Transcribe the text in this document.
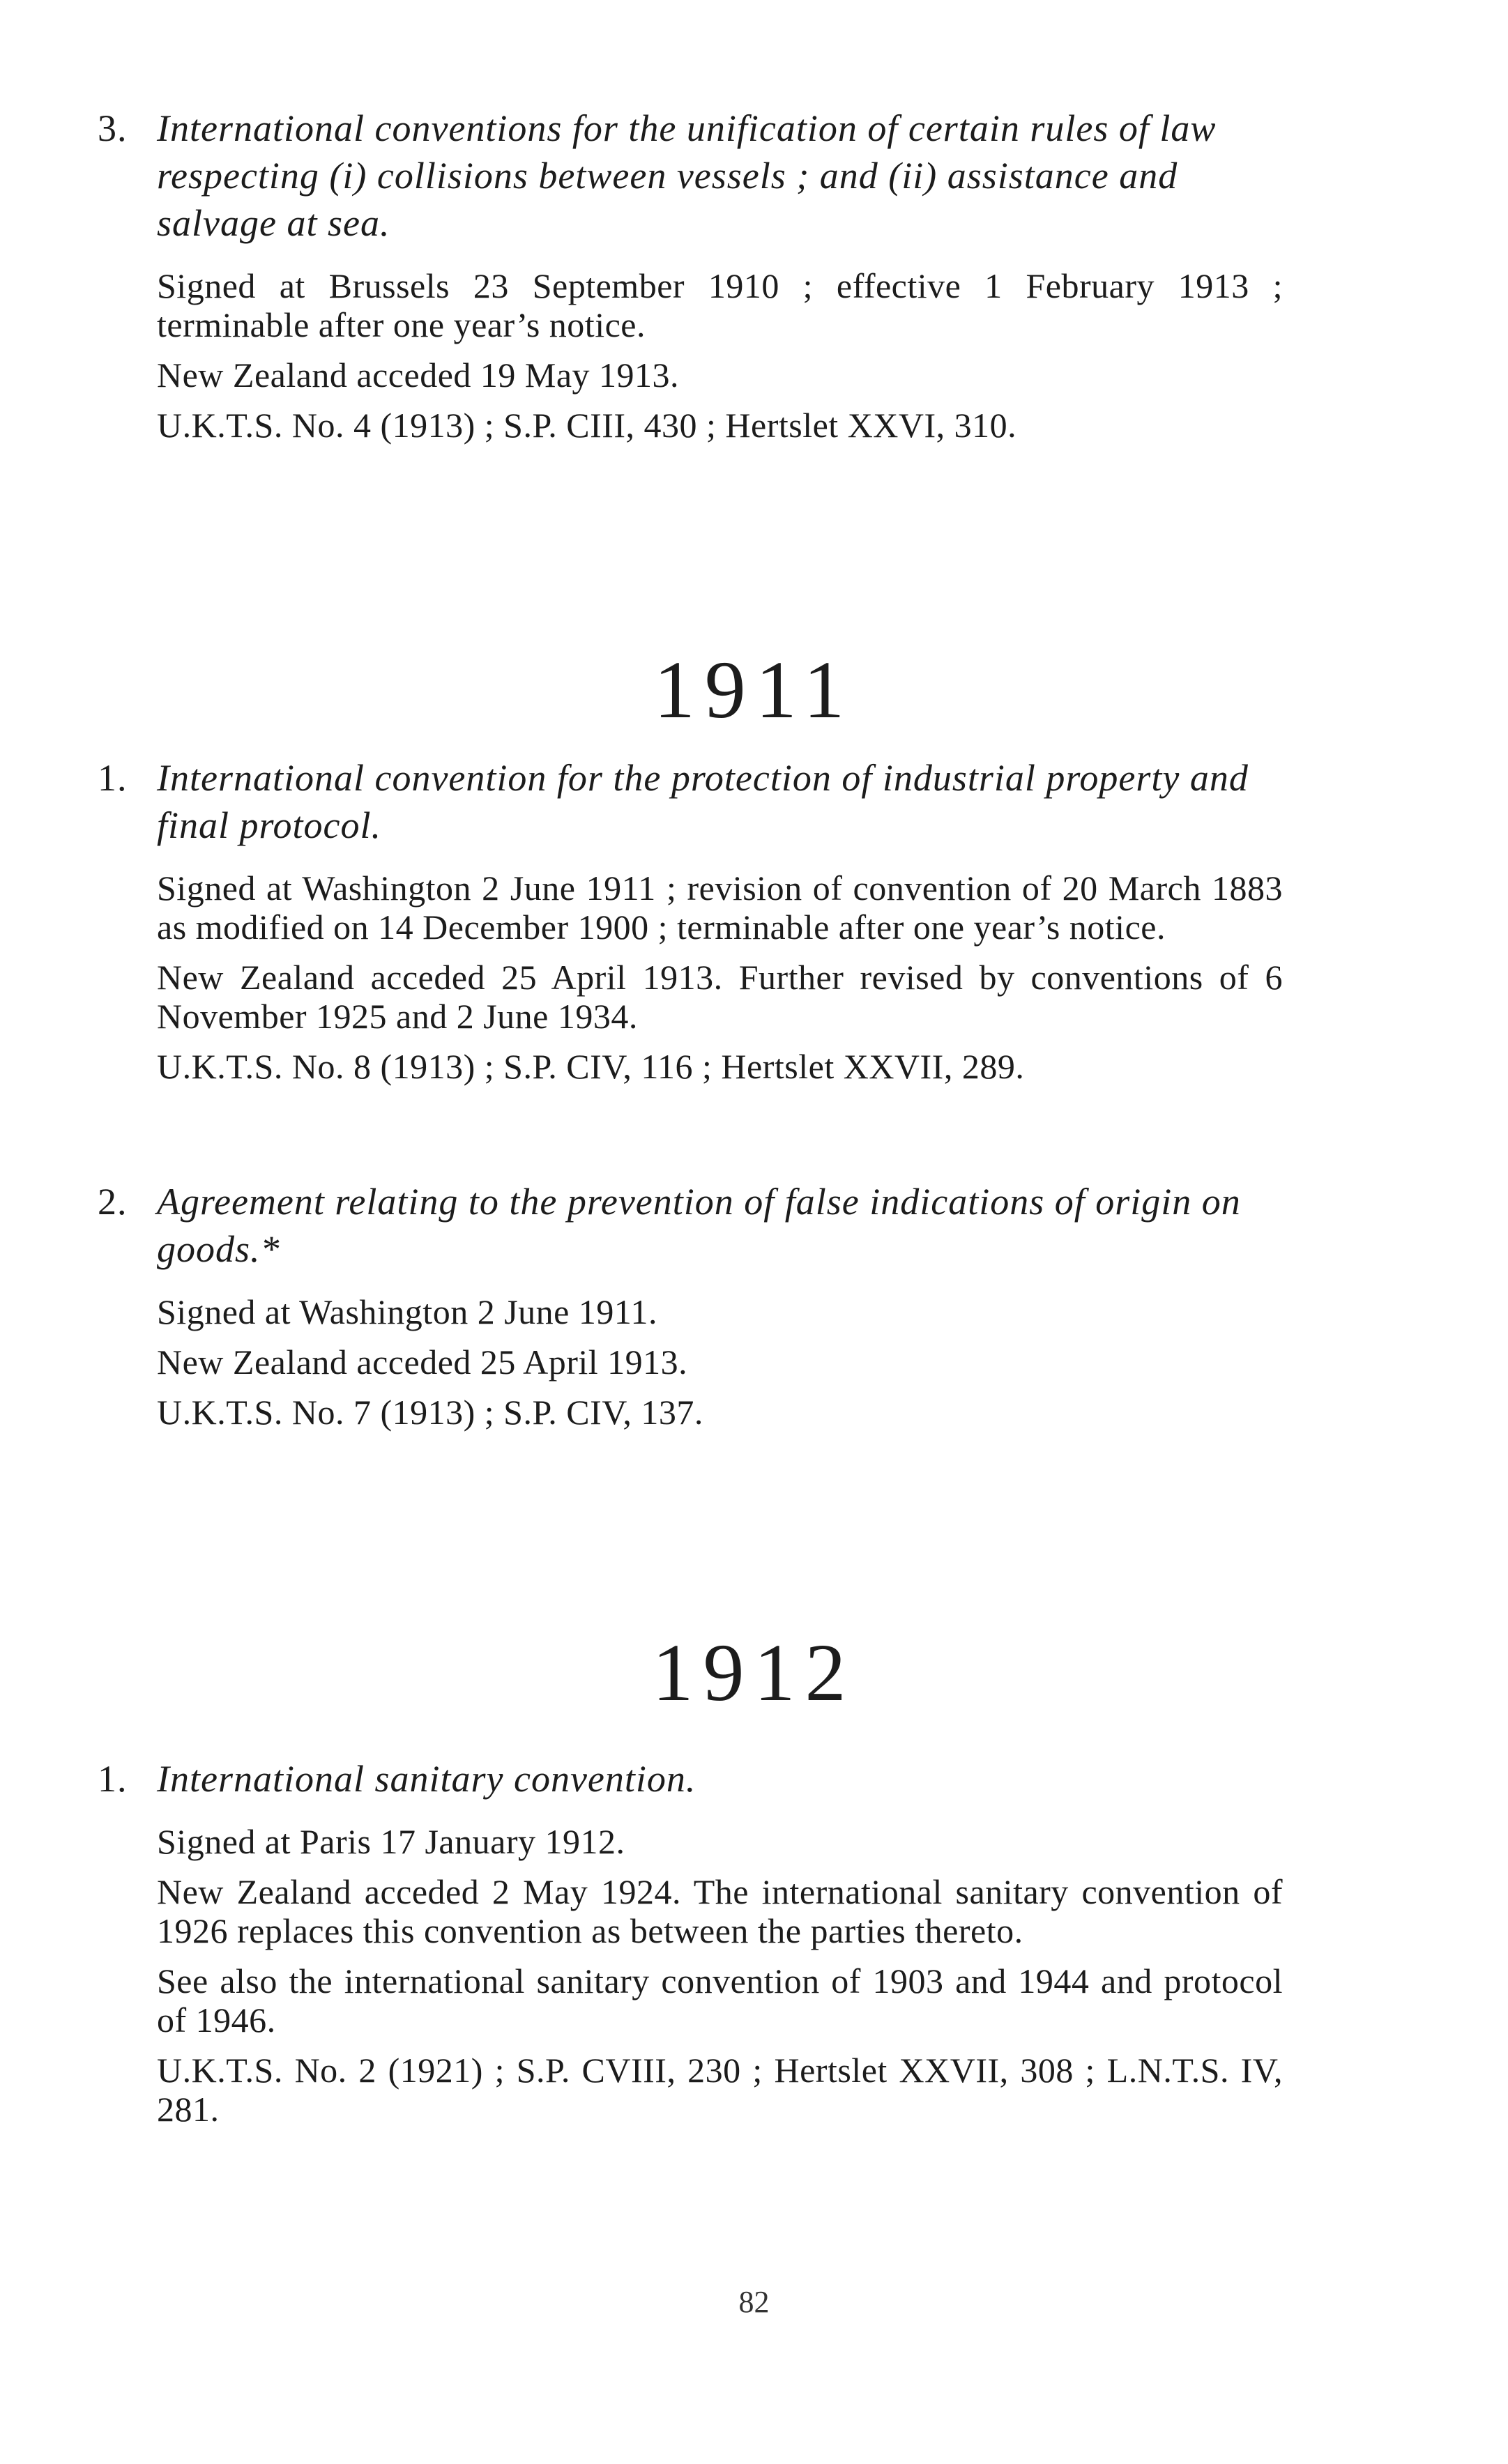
3. International conventions for the unification of certain rules of law respecting (i) collisions between vessels ; and (ii) assistance and salvage at sea.

Signed at Brussels 23 September 1910 ; effective 1 February 1913 ; terminable after one year’s notice.

New Zealand acceded 19 May 1913.

U.K.T.S. No. 4 (1913) ; S.P. CIII, 430 ; Hertslet XXVI, 310.

1911
1. International convention for the protection of industrial property and final protocol.

Signed at Washington 2 June 1911 ; revision of convention of 20 March 1883 as modified on 14 December 1900 ; terminable after one year’s notice.

New Zealand acceded 25 April 1913. Further revised by conventions of 6 November 1925 and 2 June 1934.

U.K.T.S. No. 8 (1913) ; S.P. CIV, 116 ; Hertslet XXVII, 289.

2. Agreement relating to the prevention of false indications of origin on goods.*

Signed at Washington 2 June 1911.

New Zealand acceded 25 April 1913.

U.K.T.S. No. 7 (1913) ; S.P. CIV, 137.

1912
1. International sanitary convention.

Signed at Paris 17 January 1912.

New Zealand acceded 2 May 1924. The international sanitary convention of 1926 replaces this convention as between the parties thereto.

See also the international sanitary convention of 1903 and 1944 and protocol of 1946.

U.K.T.S. No. 2 (1921) ; S.P. CVIII, 230 ; Hertslet XXVII, 308 ; L.N.T.S. IV, 281.

82
